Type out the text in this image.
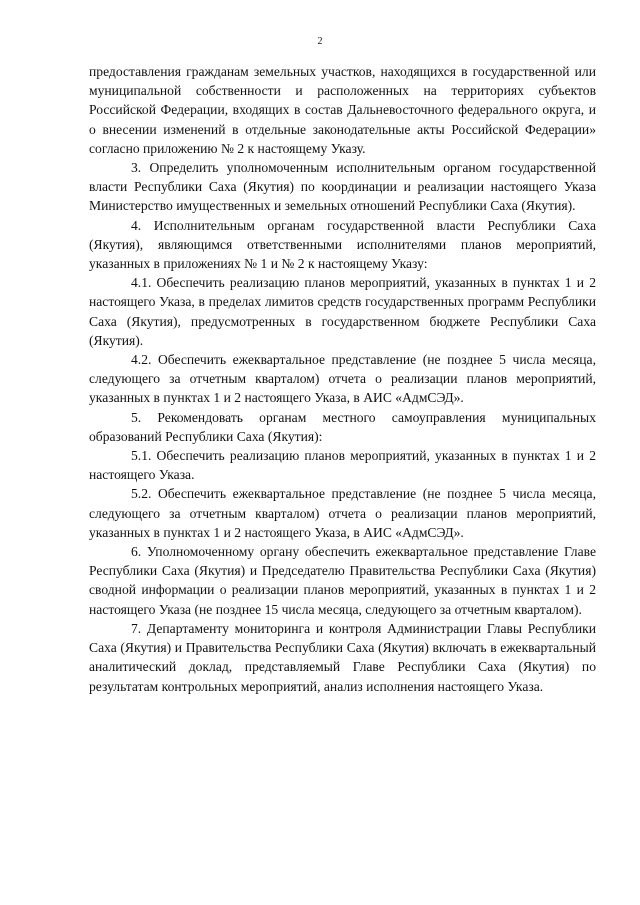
2

предоставления гражданам земельных участков, находящихся в государственной или муниципальной собственности и расположенных на территориях субъектов Российской Федерации, входящих в состав Дальневосточного федерального округа, и о внесении изменений в отдельные законодательные акты Российской Федерации» согласно приложению № 2 к настоящему Указу.

3. Определить уполномоченным исполнительным органом государственной власти Республики Саха (Якутия) по координации и реализации настоящего Указа Министерство имущественных и земельных отношений Республики Саха (Якутия).

4. Исполнительным органам государственной власти Республики Саха (Якутия), являющимся ответственными исполнителями планов мероприятий, указанных в приложениях № 1 и № 2 к настоящему Указу:

4.1. Обеспечить реализацию планов мероприятий, указанных в пунктах 1 и 2 настоящего Указа, в пределах лимитов средств государственных программ Республики Саха (Якутия), предусмотренных в государственном бюджете Республики Саха (Якутия).

4.2. Обеспечить ежеквартальное представление (не позднее 5 числа месяца, следующего за отчетным кварталом) отчета о реализации планов мероприятий, указанных в пунктах 1 и 2 настоящего Указа, в АИС «АдмСЭД».

5. Рекомендовать органам местного самоуправления муниципальных образований Республики Саха (Якутия):

5.1. Обеспечить реализацию планов мероприятий, указанных в пунктах 1 и 2 настоящего Указа.

5.2. Обеспечить ежеквартальное представление (не позднее 5 числа месяца, следующего за отчетным кварталом) отчета о реализации планов мероприятий, указанных в пунктах 1 и 2 настоящего Указа, в АИС «АдмСЭД».

6. Уполномоченному органу обеспечить ежеквартальное представление Главе Республики Саха (Якутия) и Председателю Правительства Республики Саха (Якутия) сводной информации о реализации планов мероприятий, указанных в пунктах 1 и 2 настоящего Указа (не позднее 15 числа месяца, следующего за отчетным кварталом).

7. Департаменту мониторинга и контроля Администрации Главы Республики Саха (Якутия) и Правительства Республики Саха (Якутия) включать в ежеквартальный аналитический доклад, представляемый Главе Республики Саха (Якутия) по результатам контрольных мероприятий, анализ исполнения настоящего Указа.
